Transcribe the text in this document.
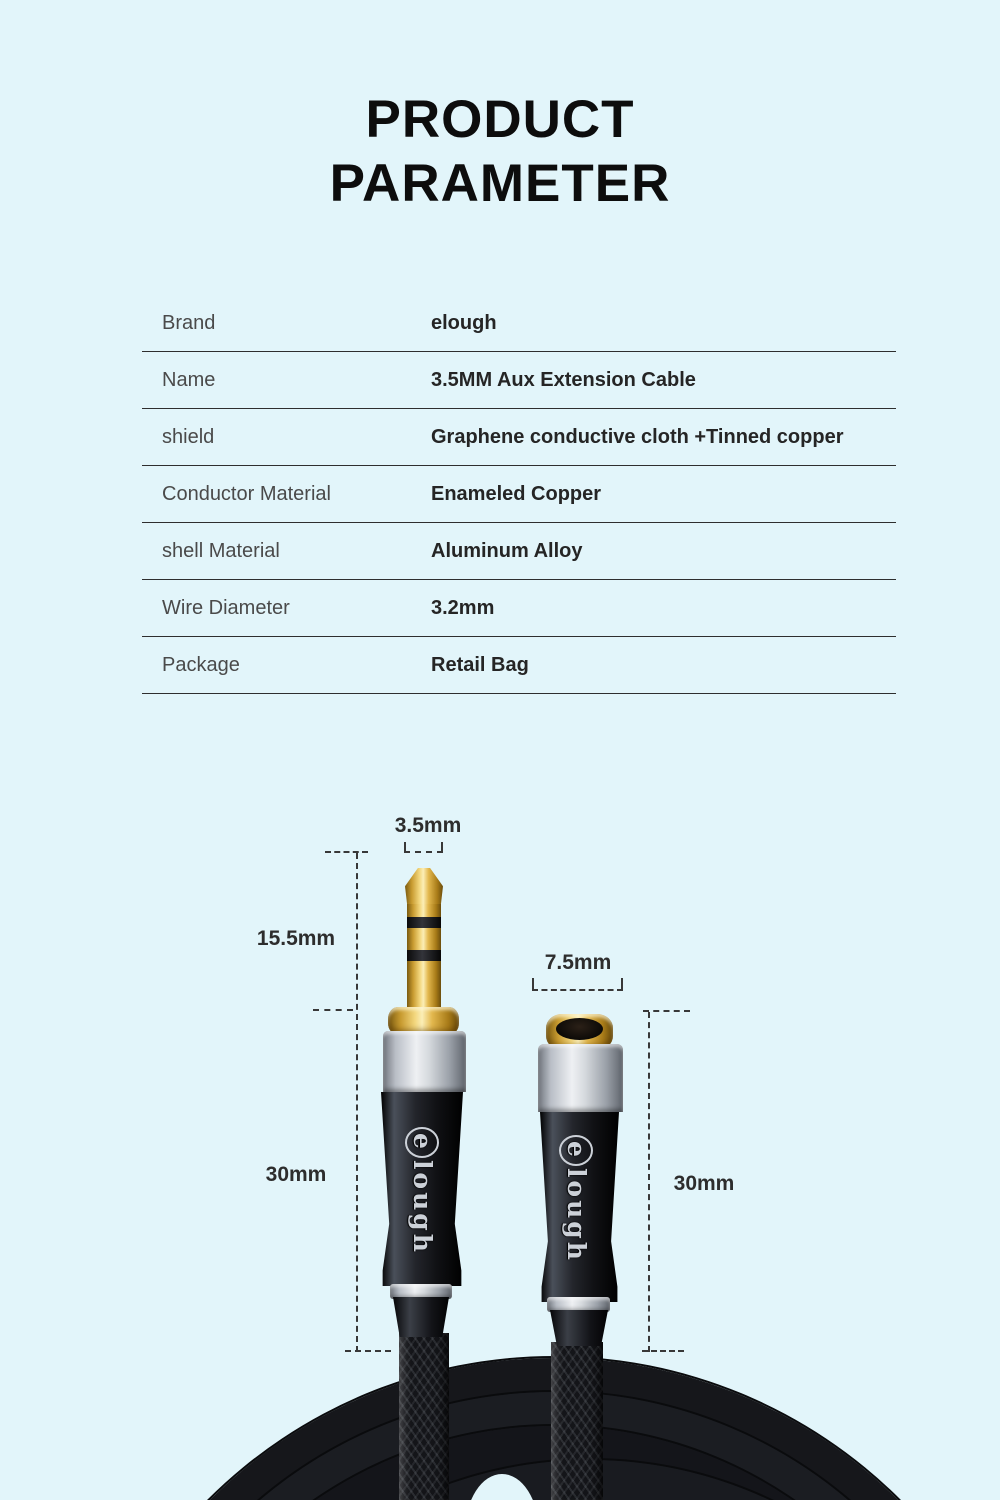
PRODUCT
PARAMETER
Brand	elough
Name	3.5MM Aux Extension Cable
shield	Graphene conductive cloth +Tinned copper
Conductor Material	Enameled Copper
shell Material	Aluminum Alloy
Wire Diameter	3.2mm
Package	Retail Bag
elough
elough
3.5mm
15.5mm
7.5mm
30mm	30mm
